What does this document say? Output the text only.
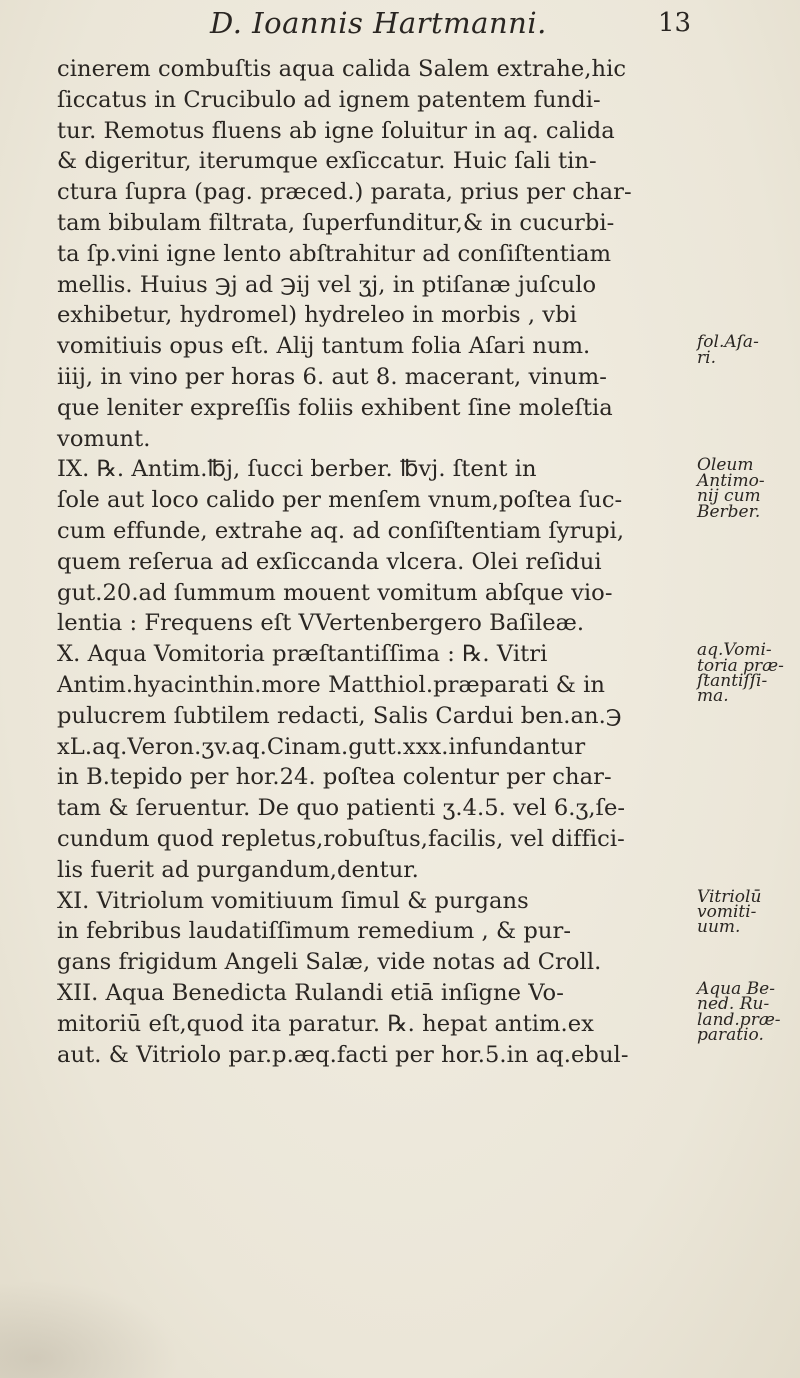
D. Ioannis Hartmanni.	13
cinerem combuſtis aqua calida Salem extrahe,hic
ſiccatus in Crucibulo ad ignem patentem fundi-
tur. Remotus fluens ab igne ſoluitur in aq. calida
& digeritur, iterumque exſiccatur. Huic ſali tin-
ctura ſupra (pag. præced.) parata, prius per char-
tam bibulam filtrata, ſuperfunditur,& in cucurbi-
ta ſp.vini igne lento abſtrahitur ad conſiſtentiam
mellis. Huius ℈j ad ℈ij vel ʒj, in ptiſanæ juſculo
exhibetur, hydromel) hydreleo in morbis , vbi
vomitiuis opus eſt. Alij tantum folia Aſari num.
iiij, in vino per horas 6. aut 8. macerant, vinum-
que leniter expreſſis foliis exhibent ſine moleſtia
vomunt.
IX. ℞. Antim.℔j, ſucci berber. ℔vj. ſtent in
ſole aut loco calido per menſem vnum,poſtea ſuc-
cum effunde, extrahe aq. ad conſiſtentiam ſyrupi,
quem reſerua ad exſiccanda vlcera. Olei reſidui
gut.20.ad ſummum mouent vomitum abſque vio-
lentia : Frequens eſt VVertenbergero Baſileæ.
X. Aqua Vomitoria præſtantiſſima : ℞. Vitri
Antim.hyacinthin.more Matthiol.præparati & in
pulucrem ſubtilem redacti, Salis Cardui ben.an.℈
xL.aq.Veron.ʒv.aq.Cinam.gutt.xxx.infundantur
in B.tepido per hor.24. poſtea colentur per char-
tam & ſeruentur. De quo patienti ʒ.4.5. vel 6.ʒ,ſe-
cundum quod repletus,robuſtus,facilis, vel diffici-
lis fuerit ad purgandum,dentur.
XI. Vitriolum vomitiuum ſimul & purgans
in febribus laudatiſſimum remedium , & pur-
gans frigidum Angeli Salæ, vide notas ad Croll.
XII. Aqua Benedicta Rulandi etiā inſigne Vo-
mitoriū eſt,quod ita paratur. ℞. hepat antim.ex
aut. & Vitriolo par.p.æq.facti per hor.5.in aq.ebul-
fol.Aſa-
ri.
Oleum
Antimo-
nij cum
Berber.
aq.Vomi-
toria præ-
ſtantiſſi-
ma.
Vitriolū
vomiti-
uum.
Aqua Be-
ned. Ru-
land.præ-
paratio.
